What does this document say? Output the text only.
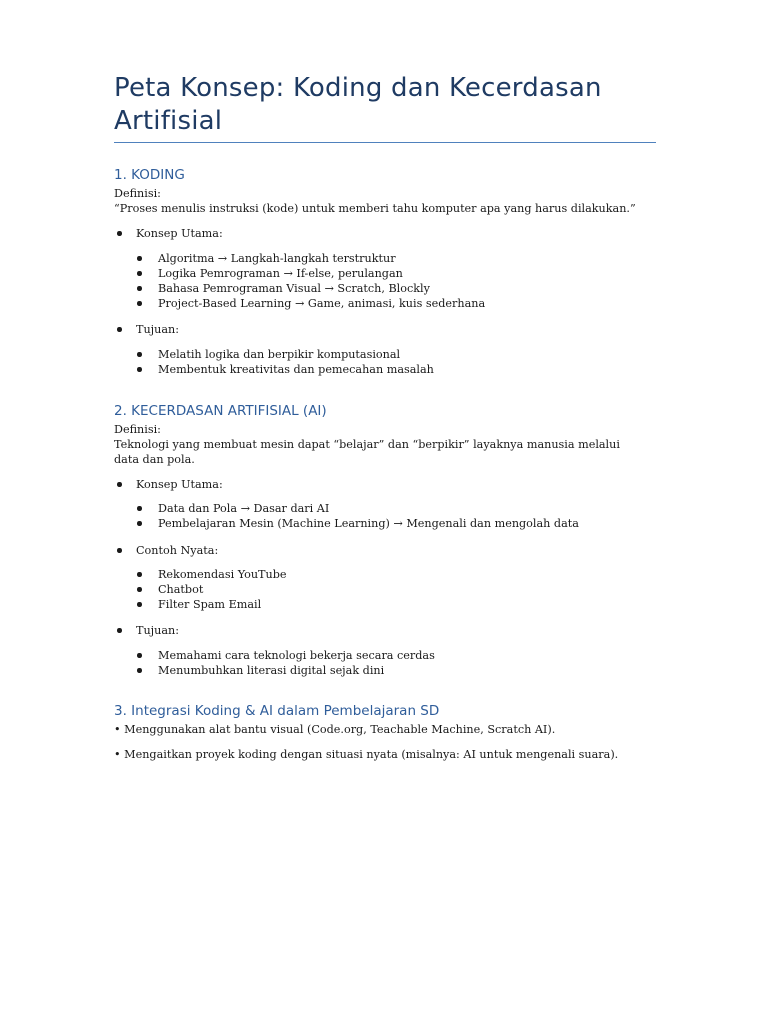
Peta Konsep: Koding dan Kecerdasan
Artifisial
1. KODING

Definisi:

“Proses menulis instruksi (kode) untuk memberi tahu komputer apa yang harus dilakukan.”

Konsep Utama:
Algoritma → Langkah-langkah terstruktur
Logika Pemrograman → If-else, perulangan
Bahasa Pemrograman Visual → Scratch, Blockly
Project-Based Learning → Game, animasi, kuis sederhana
Tujuan:
Melatih logika dan berpikir komputasional
Membentuk kreativitas dan pemecahan masalah
2. KECERDASAN ARTIFISIAL (AI)

Definisi:

Teknologi yang membuat mesin dapat “belajar” dan “berpikir” layaknya manusia melalui

data dan pola.

Konsep Utama:
Data dan Pola → Dasar dari AI
Pembelajaran Mesin (Machine Learning) → Mengenali dan mengolah data
Contoh Nyata:
Rekomendasi YouTube
Chatbot
Filter Spam Email
Tujuan:
Memahami cara teknologi bekerja secara cerdas
Menumbuhkan literasi digital sejak dini
3. Integrasi Koding & AI dalam Pembelajaran SD

• Menggunakan alat bantu visual (Code.org, Teachable Machine, Scratch AI).

• Mengaitkan proyek koding dengan situasi nyata (misalnya: AI untuk mengenali suara).
